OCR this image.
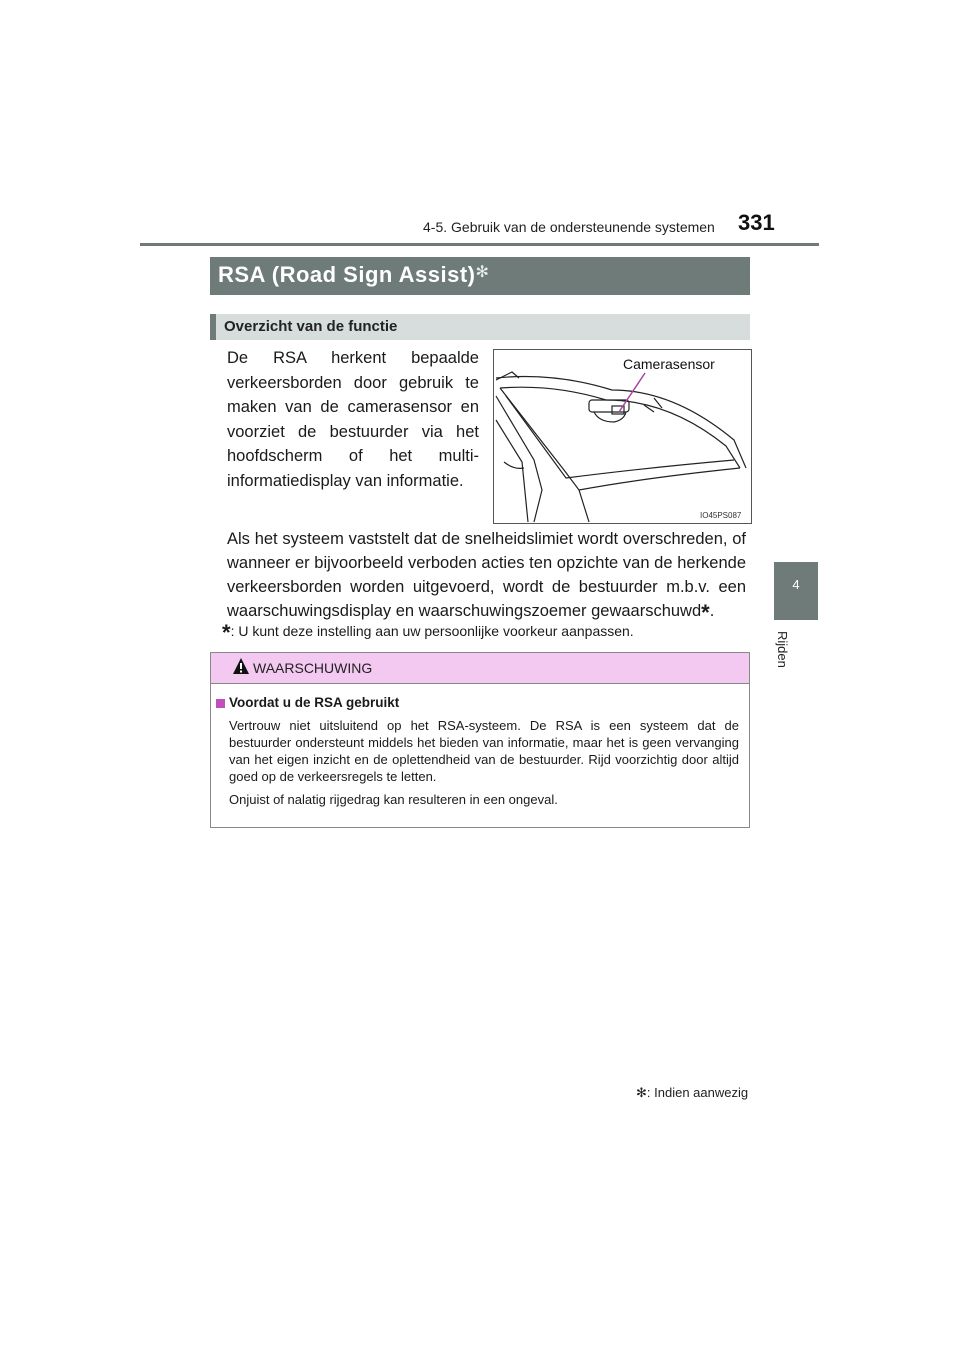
4-5. Gebruik van de ondersteunende systemen 331
4
Rijden
RSA (Road Sign Assist)✻
Overzicht van de functie
De RSA herkent bepaalde verkeersborden door gebruik te maken van de camerasensor en voorziet de bestuurder via het hoofdscherm of het multi-informatiedisplay van informatie.
Camerasensor
IO45PS087
Als het systeem vaststelt dat de snelheidslimiet wordt overschreden, of wanneer er bijvoorbeeld verboden acties ten opzichte van de herkende verkeersborden worden uitgevoerd, wordt de bestuurder m.b.v. een waarschuwingsdisplay en waarschuwingszoemer gewaarschuwd*.
*: U kunt deze instelling aan uw persoonlijke voorkeur aanpassen.
WAARSCHUWING
Voordat u de RSA gebruikt
Vertrouw niet uitsluitend op het RSA-systeem. De RSA is een systeem dat de bestuurder ondersteunt middels het bieden van informatie, maar het is geen vervanging van het eigen inzicht en de oplettendheid van de bestuurder. Rijd voorzichtig door altijd goed op de verkeersregels te letten.
Onjuist of nalatig rijgedrag kan resulteren in een ongeval.
✻: Indien aanwezig
